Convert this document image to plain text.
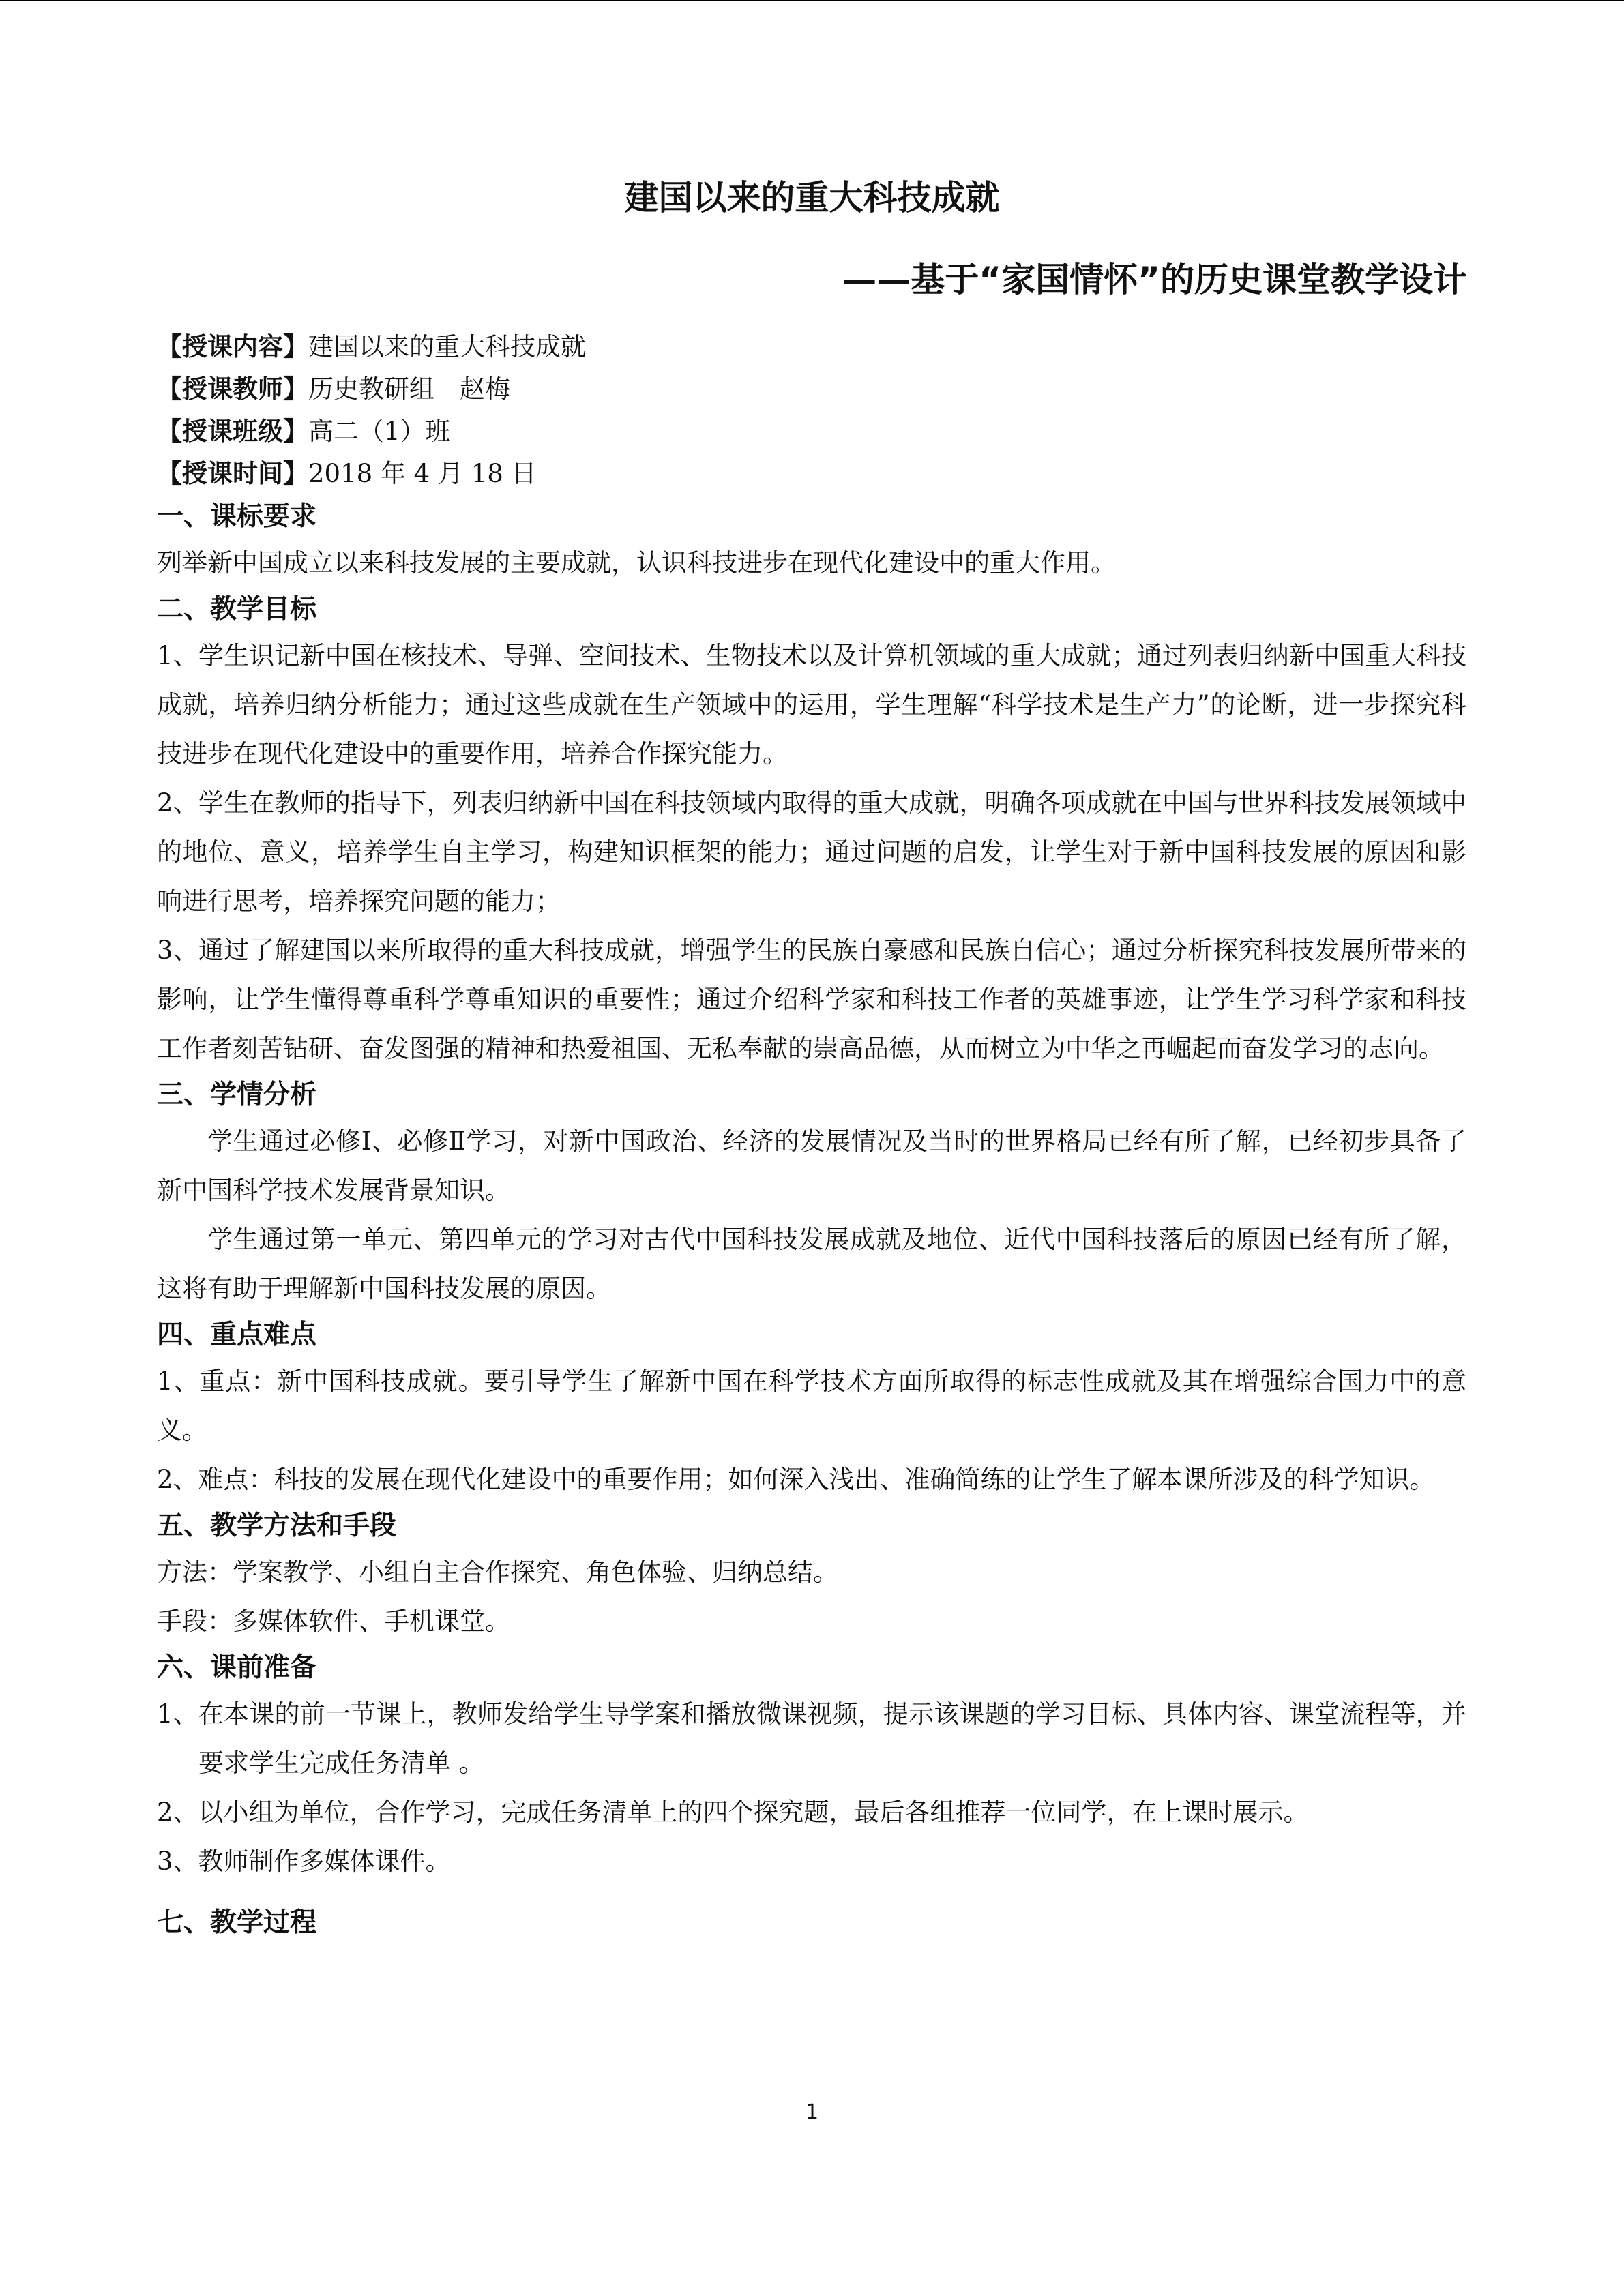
建国以来的重大科技成就
——基于“家国情怀”的历史课堂教学设计

【授课内容】建国以来的重大科技成就

【授课教师】历史教研组　赵梅

【授课班级】高二（1）班

【授课时间】2018 年 4 月 18 日

一、课标要求

列举新中国成立以来科技发展的主要成就，认识科技进步在现代化建设中的重大作用。

二、教学目标

1、学生识记新中国在核技术、导弹、空间技术、生物技术以及计算机领域的重大成就；通过列表归纳新中国重大科技成就，培养归纳分析能力；通过这些成就在生产领域中的运用，学生理解“科学技术是生产力”的论断，进一步探究科技进步在现代化建设中的重要作用，培养合作探究能力。

2、学生在教师的指导下，列表归纳新中国在科技领域内取得的重大成就，明确各项成就在中国与世界科技发展领域中的地位、意义，培养学生自主学习，构建知识框架的能力；通过问题的启发，让学生对于新中国科技发展的原因和影响进行思考，培养探究问题的能力；

3、通过了解建国以来所取得的重大科技成就，增强学生的民族自豪感和民族自信心；通过分析探究科技发展所带来的影响，让学生懂得尊重科学尊重知识的重要性；通过介绍科学家和科技工作者的英雄事迹，让学生学习科学家和科技工作者刻苦钻研、奋发图强的精神和热爱祖国、无私奉献的崇高品德，从而树立为中华之再崛起而奋发学习的志向。

三、学情分析

学生通过必修Ⅰ、必修Ⅱ学习，对新中国政治、经济的发展情况及当时的世界格局已经有所了解，已经初步具备了新中国科学技术发展背景知识。

学生通过第一单元、第四单元的学习对古代中国科技发展成就及地位、近代中国科技落后的原因已经有所了解，这将有助于理解新中国科技发展的原因。

四、重点难点

1、重点：新中国科技成就。要引导学生了解新中国在科学技术方面所取得的标志性成就及其在增强综合国力中的意义。

2、难点：科技的发展在现代化建设中的重要作用；如何深入浅出、准确简练的让学生了解本课所涉及的科学知识。

五、教学方法和手段

方法：学案教学、小组自主合作探究、角色体验、归纳总结。

手段：多媒体软件、手机课堂。

六、课前准备

1、在本课的前一节课上，教师发给学生导学案和播放微课视频，提示该课题的学习目标、具体内容、课堂流程等，并要求学生完成任务清单 。

2、以小组为单位，合作学习，完成任务清单上的四个探究题，最后各组推荐一位同学，在上课时展示。

3、教师制作多媒体课件。

七、教学过程

1
